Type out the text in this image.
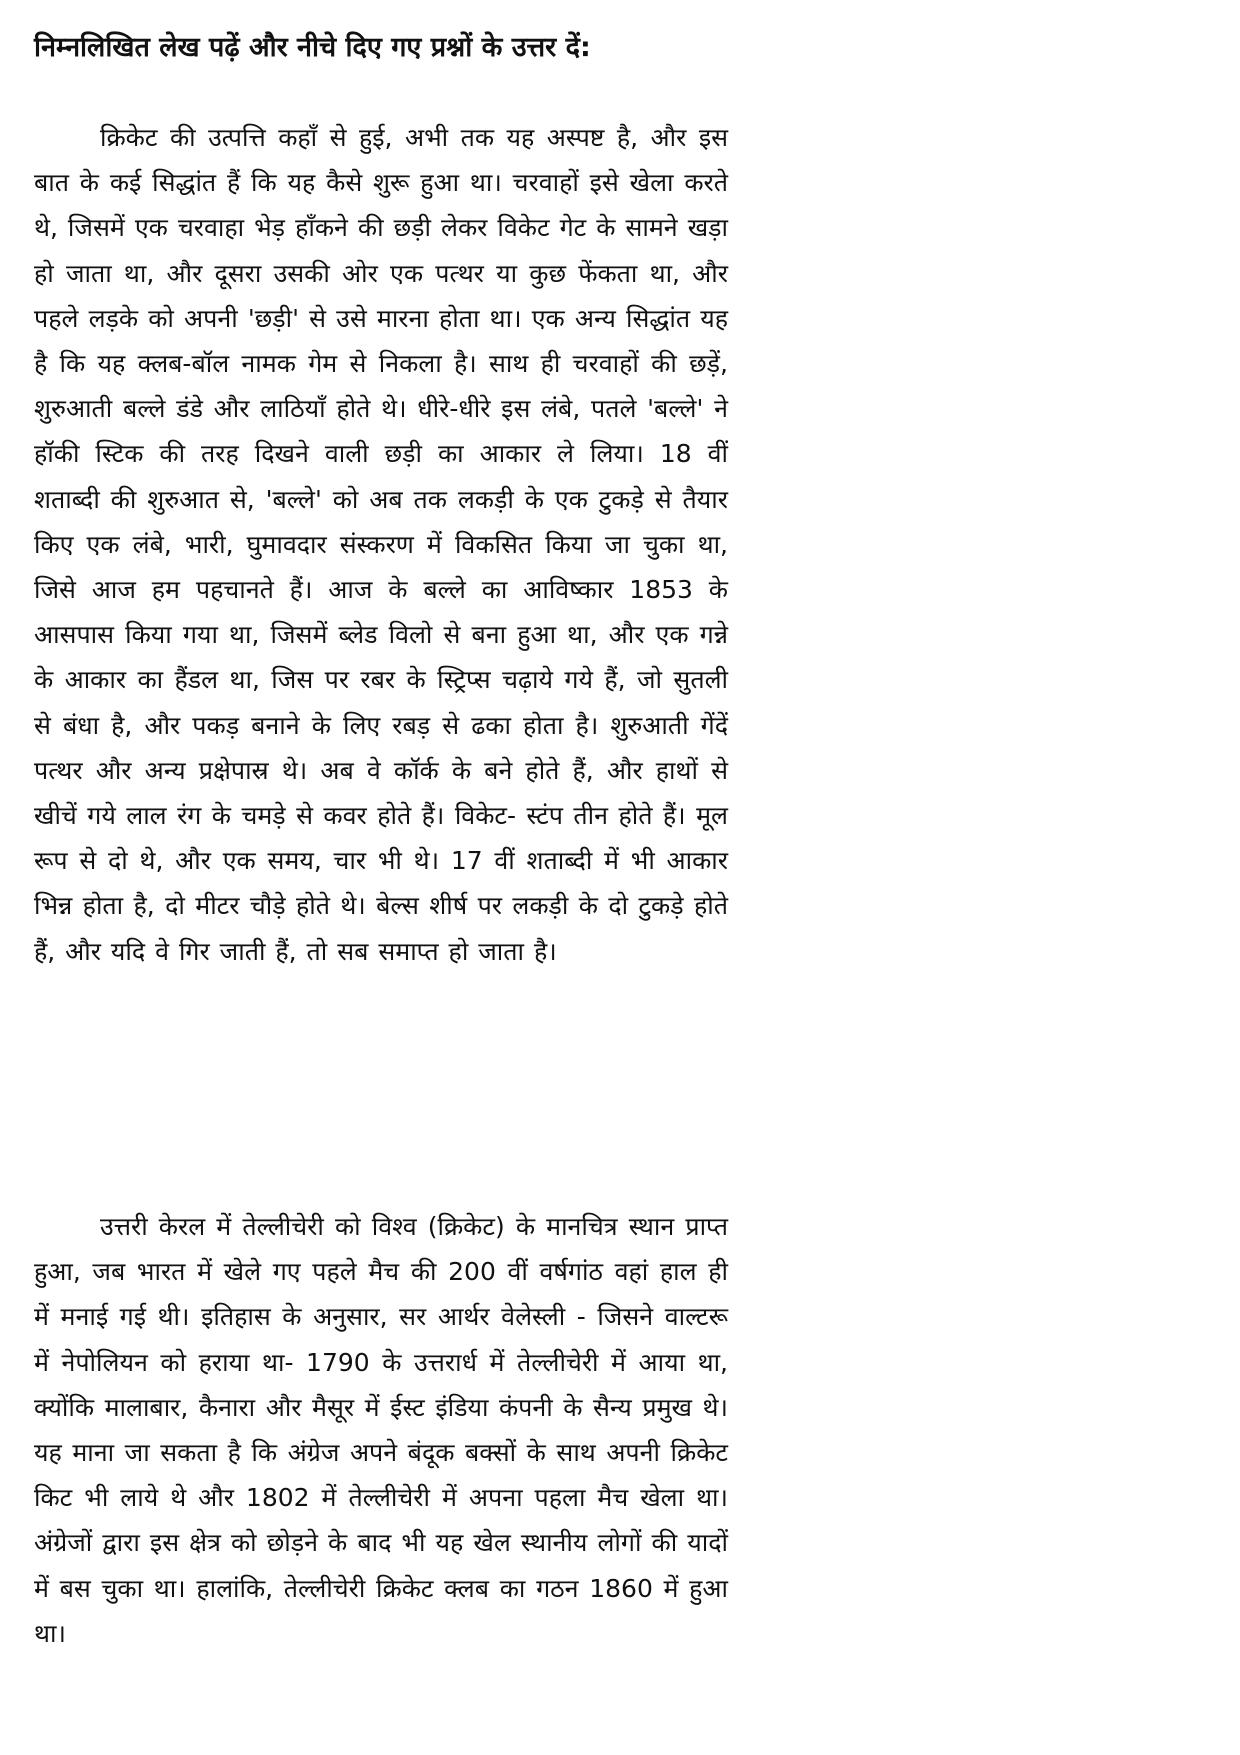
निम्नलिखित लेख पढ़ें और नीचे दिए गए प्रश्नों के उत्तर दें:

क्रिकेट की उत्पत्ति कहाँ से हुई, अभी तक यह अस्पष्ट है, और इस बात के कई सिद्धांत हैं कि यह कैसे शुरू हुआ था। चरवाहों इसे खेला करते थे, जिसमें एक चरवाहा भेड़ हाँकने की छड़ी लेकर विकेट गेट के सामने खड़ा हो जाता था, और दूसरा उसकी ओर एक पत्थर या कुछ फेंकता था, और पहले लड़के को अपनी 'छड़ी' से उसे मारना होता था। एक अन्य सिद्धांत यह है कि यह क्लब-बॉल नामक गेम से निकला है। साथ ही चरवाहों की छड़ें, शुरुआती बल्ले डंडे और लाठियाँ होते थे। धीरे-धीरे इस लंबे, पतले 'बल्ले' ने हॉकी स्टिक की तरह दिखने वाली छड़ी का आकार ले लिया। 18 वीं शताब्दी की शुरुआत से, 'बल्ले' को अब तक लकड़ी के एक टुकड़े से तैयार किए एक लंबे, भारी, घुमावदार संस्करण में विकसित किया जा चुका था, जिसे आज हम पहचानते हैं। आज के बल्ले का आविष्कार 1853 के आसपास किया गया था, जिसमें ब्लेड विलो से बना हुआ था, और एक गन्ने के आकार का हैंडल था, जिस पर रबर के स्ट्रिप्स चढ़ाये गये हैं, जो सुतली से बंधा है, और पकड़ बनाने के लिए रबड़ से ढका होता है। शुरुआती गेंदें पत्थर और अन्य प्रक्षेपास्र थे। अब वे कॉर्क के बने होते हैं, और हाथों से खीचें गये लाल रंग के चमड़े से कवर होते हैं। विकेट- स्टंप तीन होते हैं। मूल रूप से दो थे, और एक समय, चार भी थे। 17 वीं शताब्दी में भी आकार भिन्न होता है, दो मीटर चौड़े होते थे। बेल्स शीर्ष पर लकड़ी के दो टुकड़े होते हैं, और यदि वे गिर जाती हैं, तो सब समाप्त हो जाता है।

उत्तरी केरल में तेल्लीचेरी को विश्व (क्रिकेट) के मानचित्र स्थान प्राप्त हुआ, जब भारत में खेले गए पहले मैच की 200 वीं वर्षगांठ वहां हाल ही में मनाई गई थी। इतिहास के अनुसार, सर आर्थर वेलेस्ली - जिसने वाल्टरू में नेपोलियन को हराया था- 1790 के उत्तरार्ध में तेल्लीचेरी में आया था, क्योंकि मालाबार, कैनारा और मैसूर में ईस्ट इंडिया कंपनी के सैन्य प्रमुख थे। यह माना जा सकता है कि अंग्रेज अपने बंदूक बक्सों के साथ अपनी क्रिकेट किट भी लाये थे और 1802 में तेल्लीचेरी में अपना पहला मैच खेला था। अंग्रेजों द्वारा इस क्षेत्र को छोड़ने के बाद भी यह खेल स्थानीय लोगों की यादों में बस चुका था। हालांकि, तेल्लीचेरी क्रिकेट क्लब का गठन 1860 में हुआ था।
